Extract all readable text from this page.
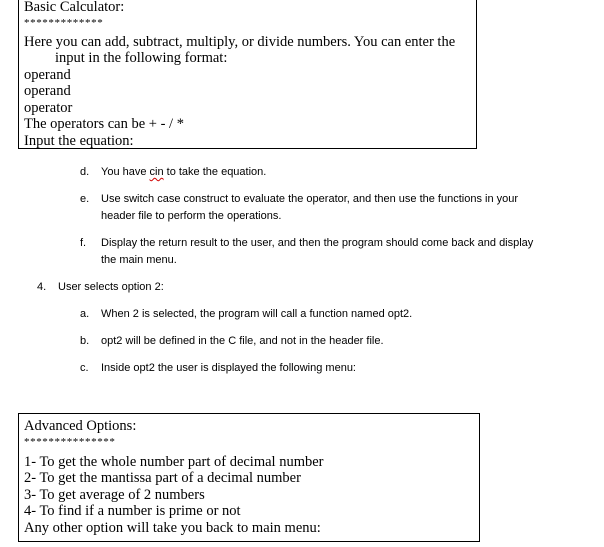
Basic Calculator:
*************
Here you can add, subtract, multiply, or divide numbers. You can enter the
input in the following format:
operand
operand
operator
The operators can be + - / *
Input the equation:
d. You have cin to take the equation.
e. Use switch case construct to evaluate the operator, and then use the functions in your
header file to perform the operations.
f. Display the return result to the user, and then the program should come back and display
the main menu.
4. User selects option 2:
a. When 2 is selected, the program will call a function named opt2.
b. opt2 will be defined in the C file, and not in the header file.
c. Inside opt2 the user is displayed the following menu:
Advanced Options:
***************
1- To get the whole number part of decimal number
2- To get the mantissa part of a decimal number
3- To get average of 2 numbers
4- To find if a number is prime or not
Any other option will take you back to main menu:
